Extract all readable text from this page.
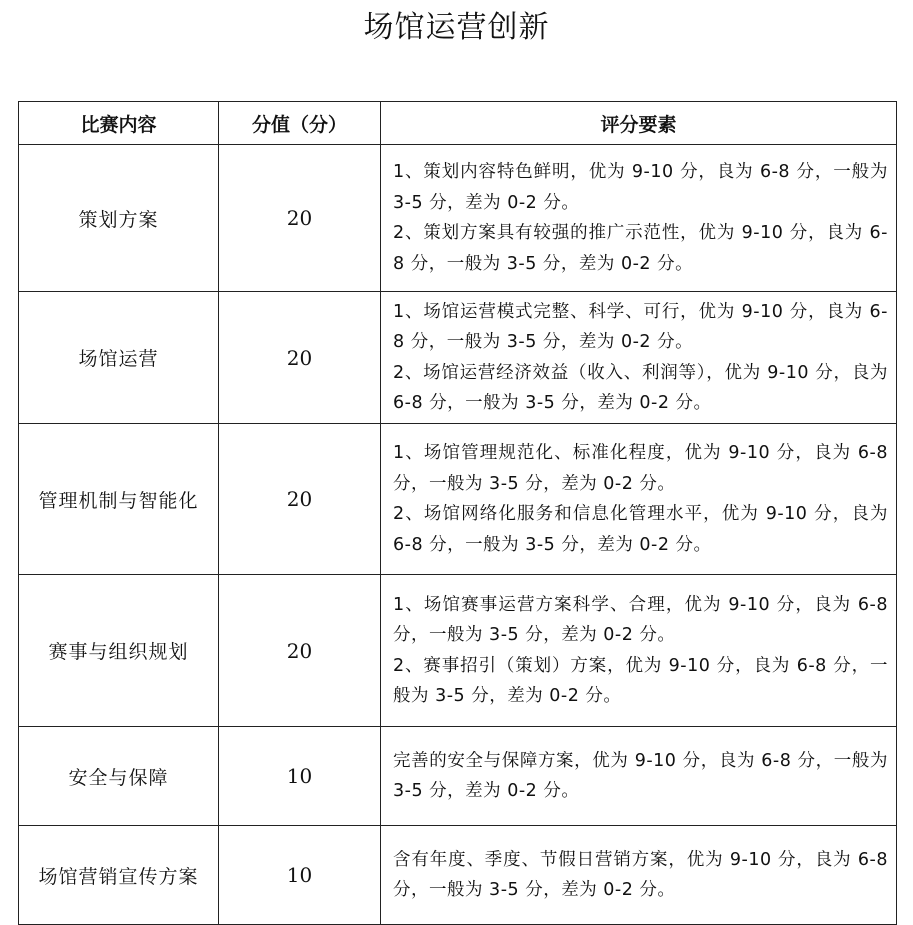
场馆运营创新
比赛内容	分值（分）	评分要素
策划方案	20	1、策划内容特色鲜明，优为 9-10 分，良为 6-8 分，一般为 3-5 分，差为 0-2 分。
2、策划方案具有较强的推广示范性，优为 9-10 分，良为 6-8 分，一般为 3-5 分，差为 0-2 分。

场馆运营	20	1、场馆运营模式完整、科学、可行，优为 9-10 分，良为 6-8 分，一般为 3-5 分，差为 0-2 分。
2、场馆运营经济效益（收入、利润等），优为 9-10 分，良为 6-8 分，一般为 3-5 分，差为 0-2 分。

管理机制与智能化	20	1、场馆管理规范化、标准化程度，优为 9-10 分，良为 6-8 分，一般为 3-5 分，差为 0-2 分。
2、场馆网络化服务和信息化管理水平，优为 9-10 分，良为 6-8 分，一般为 3-5 分，差为 0-2 分。

赛事与组织规划	20	1、场馆赛事运营方案科学、合理，优为 9-10 分，良为 6-8 分，一般为 3-5 分，差为 0-2 分。
2、赛事招引（策划）方案，优为 9-10 分，良为 6-8 分，一般为 3-5 分，差为 0-2 分。

安全与保障	10	完善的安全与保障方案，优为 9-10 分，良为 6-8 分，一般为 3-5 分，差为 0-2 分。

场馆营销宣传方案	10	含有年度、季度、节假日营销方案，优为 9-10 分，良为 6-8 分，一般为 3-5 分，差为 0-2 分。
